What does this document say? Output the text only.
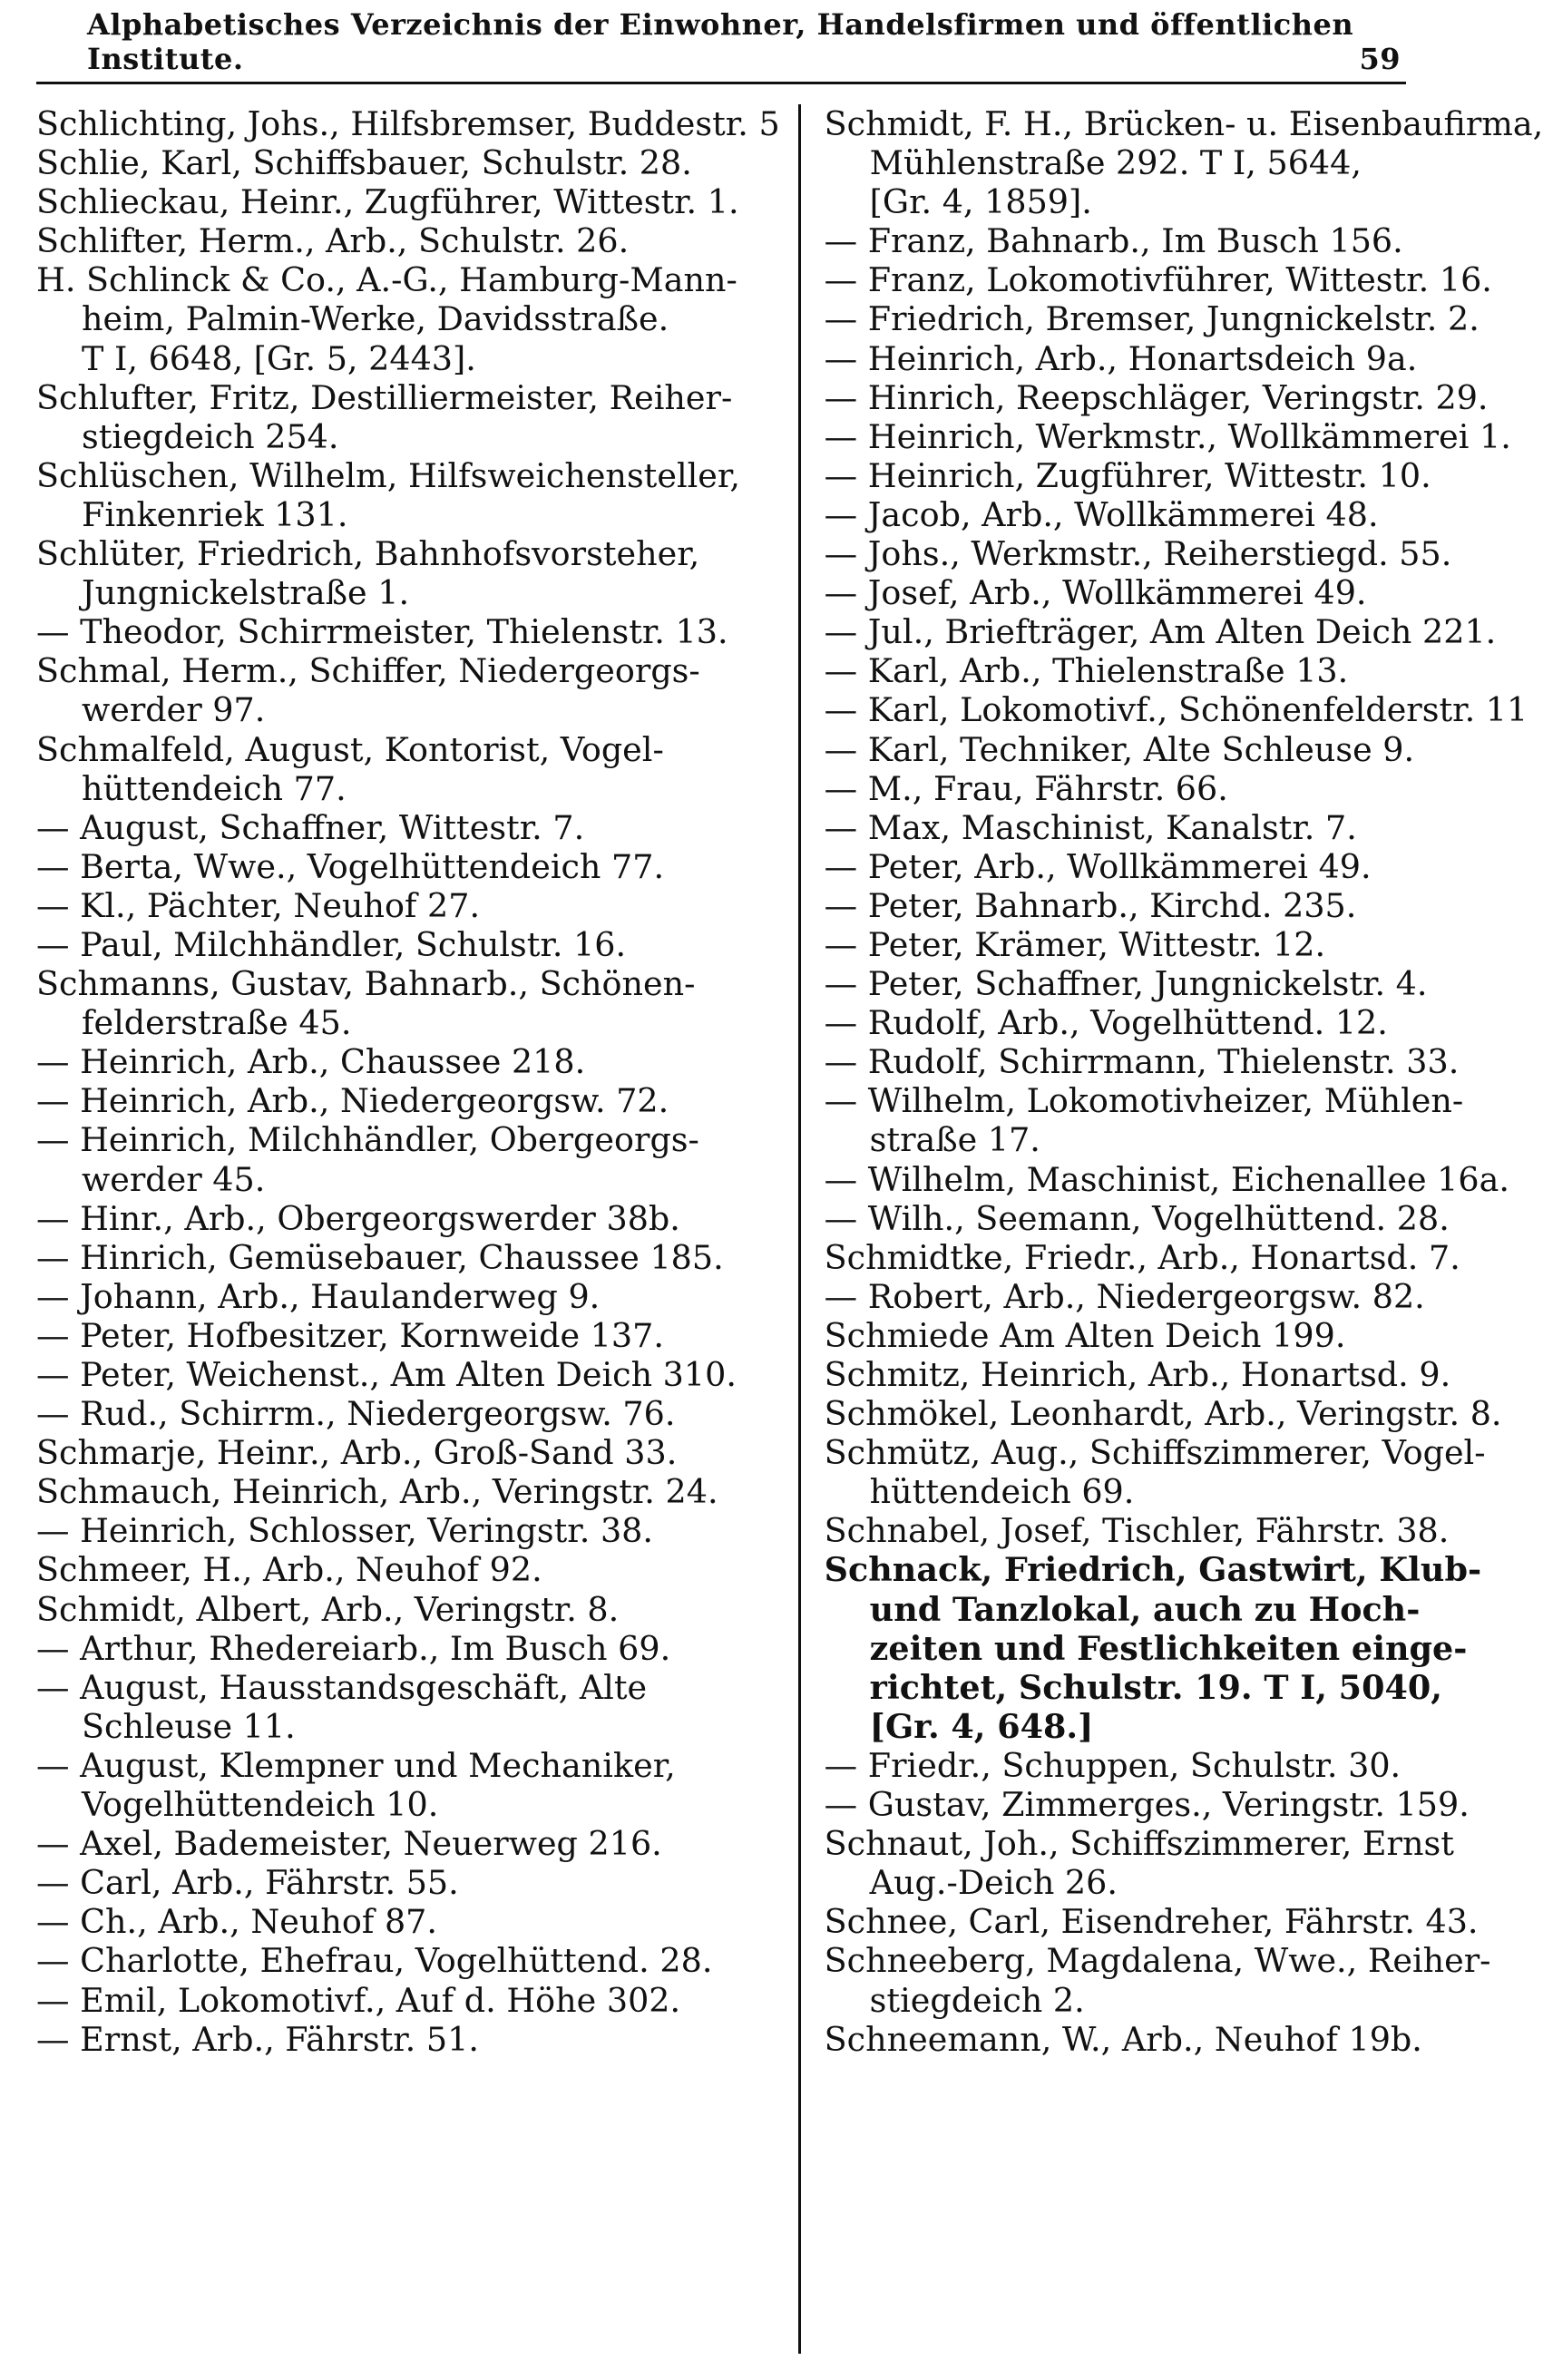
Alphabetisches Verzeichnis der Einwohner, Handelsfirmen und öffentlichen Institute.	59
Schlichting, Johs., Hilfsbremser, Buddestr. 5
Schlie, Karl, Schiffsbauer, Schulstr. 28.
Schlieckau, Heinr., Zugführer, Wittestr. 1.
Schlifter, Herm., Arb., Schulstr. 26.
H. Schlinck & Co., A.-G., Hamburg-Mann-
heim, Palmin-Werke, Davidsstraße.
T I, 6648, [Gr. 5, 2443].
Schlufter, Fritz, Destilliermeister, Reiher-
stiegdeich 254.
Schlüschen, Wilhelm, Hilfsweichensteller,
Finkenriek 131.
Schlüter, Friedrich, Bahnhofsvorsteher,
Jungnickelstraße 1.
— Theodor, Schirrmeister, Thielenstr. 13.
Schmal, Herm., Schiffer, Niedergeorgs-
werder 97.
Schmalfeld, August, Kontorist, Vogel-
hüttendeich 77.
— August, Schaffner, Wittestr. 7.
— Berta, Wwe., Vogelhüttendeich 77.
— Kl., Pächter, Neuhof 27.
— Paul, Milchhändler, Schulstr. 16.
Schmanns, Gustav, Bahnarb., Schönen-
felderstraße 45.
— Heinrich, Arb., Chaussee 218.
— Heinrich, Arb., Niedergeorgsw. 72.
— Heinrich, Milchhändler, Obergeorgs-
werder 45.
— Hinr., Arb., Obergeorgswerder 38b.
— Hinrich, Gemüsebauer, Chaussee 185.
— Johann, Arb., Haulanderweg 9.
— Peter, Hofbesitzer, Kornweide 137.
— Peter, Weichenst., Am Alten Deich 310.
— Rud., Schirrm., Niedergeorgsw. 76.
Schmarje, Heinr., Arb., Groß-Sand 33.
Schmauch, Heinrich, Arb., Veringstr. 24.
— Heinrich, Schlosser, Veringstr. 38.
Schmeer, H., Arb., Neuhof 92.
Schmidt, Albert, Arb., Veringstr. 8.
— Arthur, Rhedereiarb., Im Busch 69.
— August, Hausstandsgeschäft, Alte
Schleuse 11.
— August, Klempner und Mechaniker,
Vogelhüttendeich 10.
— Axel, Bademeister, Neuerweg 216.
— Carl, Arb., Fährstr. 55.
— Ch., Arb., Neuhof 87.
— Charlotte, Ehefrau, Vogelhüttend. 28.
— Emil, Lokomotivf., Auf d. Höhe 302.
— Ernst, Arb., Fährstr. 51.
Schmidt, F. H., Brücken- u. Eisenbaufirma,
Mühlenstraße 292. T I, 5644,
[Gr. 4, 1859].
— Franz, Bahnarb., Im Busch 156.
— Franz, Lokomotivführer, Wittestr. 16.
— Friedrich, Bremser, Jungnickelstr. 2.
— Heinrich, Arb., Honartsdeich 9a.
— Hinrich, Reepschläger, Veringstr. 29.
— Heinrich, Werkmstr., Wollkämmerei 1.
— Heinrich, Zugführer, Wittestr. 10.
— Jacob, Arb., Wollkämmerei 48.
— Johs., Werkmstr., Reiherstiegd. 55.
— Josef, Arb., Wollkämmerei 49.
— Jul., Briefträger, Am Alten Deich 221.
— Karl, Arb., Thielenstraße 13.
— Karl, Lokomotivf., Schönenfelderstr. 11
— Karl, Techniker, Alte Schleuse 9.
— M., Frau, Fährstr. 66.
— Max, Maschinist, Kanalstr. 7.
— Peter, Arb., Wollkämmerei 49.
— Peter, Bahnarb., Kirchd. 235.
— Peter, Krämer, Wittestr. 12.
— Peter, Schaffner, Jungnickelstr. 4.
— Rudolf, Arb., Vogelhüttend. 12.
— Rudolf, Schirrmann, Thielenstr. 33.
— Wilhelm, Lokomotivheizer, Mühlen-
straße 17.
— Wilhelm, Maschinist, Eichenallee 16a.
— Wilh., Seemann, Vogelhüttend. 28.
Schmidtke, Friedr., Arb., Honartsd. 7.
— Robert, Arb., Niedergeorgsw. 82.
Schmiede Am Alten Deich 199.
Schmitz, Heinrich, Arb., Honartsd. 9.
Schmökel, Leonhardt, Arb., Veringstr. 8.
Schmütz, Aug., Schiffszimmerer, Vogel-
hüttendeich 69.
Schnabel, Josef, Tischler, Fährstr. 38.
Schnack, Friedrich, Gastwirt, Klub-
und Tanzlokal, auch zu Hoch-
zeiten und Festlichkeiten einge-
richtet, Schulstr. 19. T I, 5040,
[Gr. 4, 648.]
— Friedr., Schuppen, Schulstr. 30.
— Gustav, Zimmerges., Veringstr. 159.
Schnaut, Joh., Schiffszimmerer, Ernst
Aug.-Deich 26.
Schnee, Carl, Eisendreher, Fährstr. 43.
Schneeberg, Magdalena, Wwe., Reiher-
stiegdeich 2.
Schneemann, W., Arb., Neuhof 19b.
